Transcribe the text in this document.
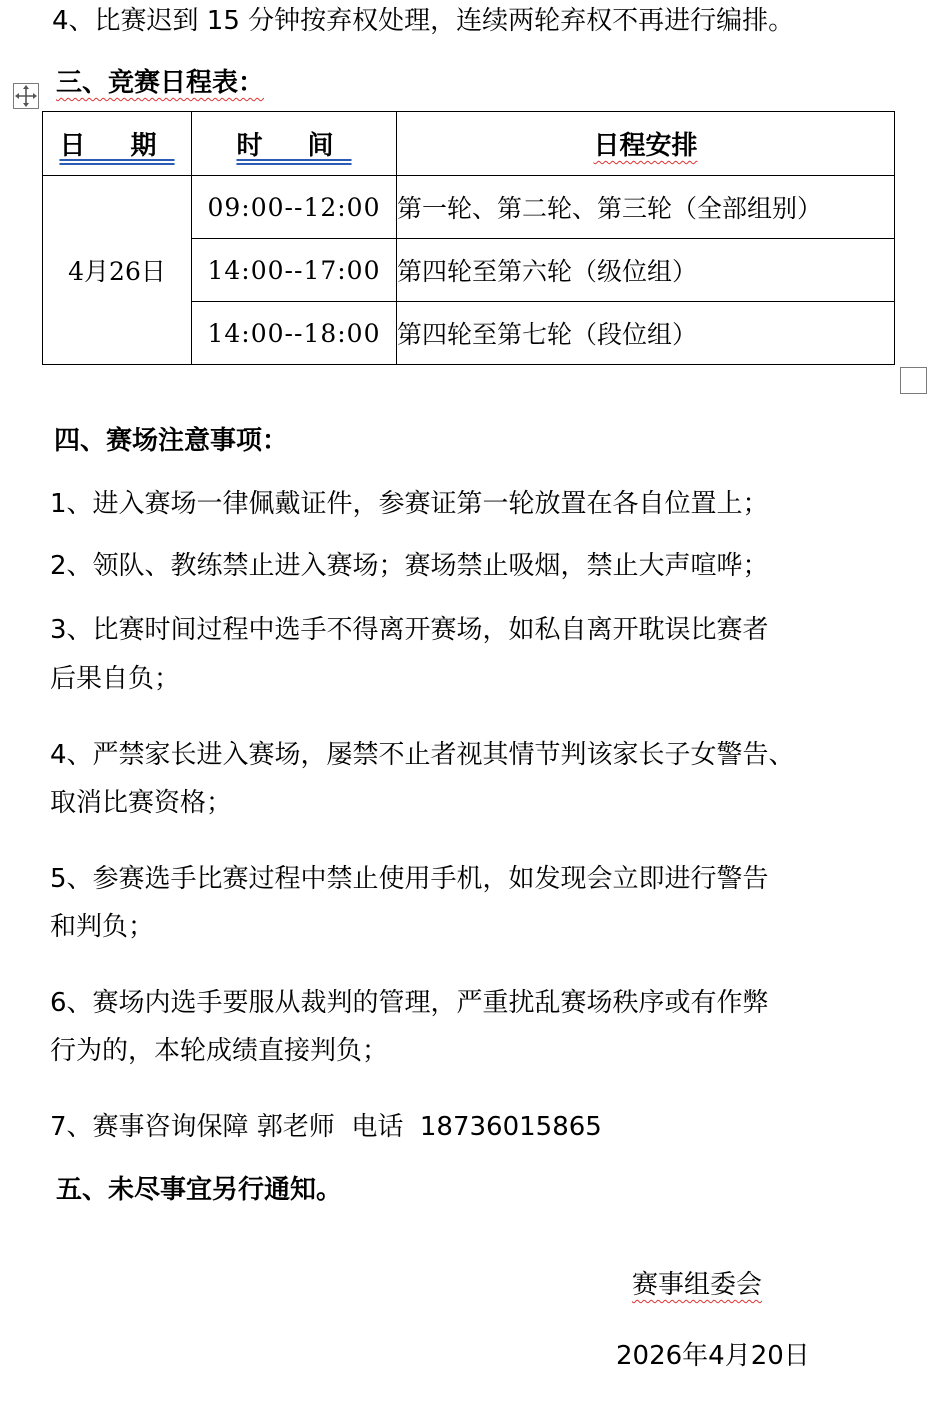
4、比赛迟到 15 分钟按弃权处理，连续两轮弃权不再进行编排。
三、竞赛日程表：
日 期	时 间	日程安排
4月26日	09:00--12:00	第一轮、第二轮、第三轮（全部组别）
	14:00--17:00	第四轮至第六轮（级位组）
	14:00--18:00	第四轮至第七轮（段位组）
四、赛场注意事项：
1、进入赛场一律佩戴证件，参赛证第一轮放置在各自位置上；
2、领队、教练禁止进入赛场；赛场禁止吸烟，禁止大声喧哗；
3、比赛时间过程中选手不得离开赛场，如私自离开耽误比赛者
后果自负；
4、严禁家长进入赛场，屡禁不止者视其情节判该家长子女警告、
取消比赛资格；
5、参赛选手比赛过程中禁止使用手机，如发现会立即进行警告
和判负；
6、赛场内选手要服从裁判的管理，严重扰乱赛场秩序或有作弊
行为的，本轮成绩直接判负；
7、赛事咨询保障 郭老师  电话  18736015865
五、未尽事宜另行通知。
赛事组委会
2026年4月20日
